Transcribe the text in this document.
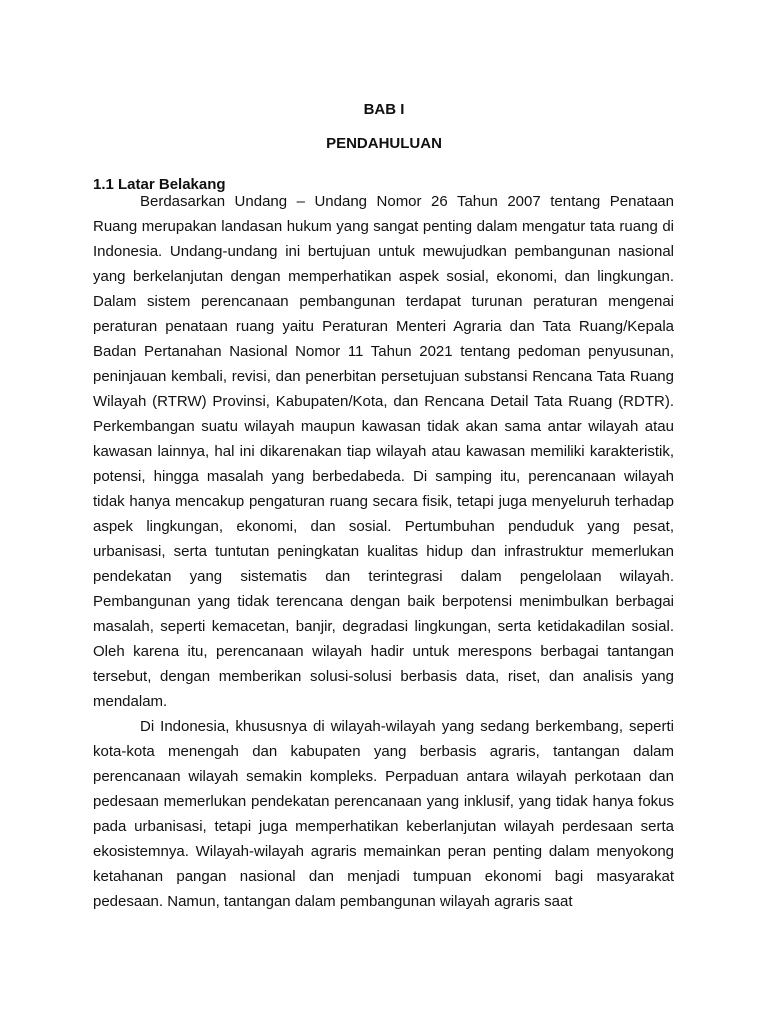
BAB I
PENDAHULUAN
1.1 Latar Belakang

Berdasarkan Undang – Undang Nomor 26 Tahun 2007 tentang Penataan Ruang merupakan landasan hukum yang sangat penting dalam mengatur tata ruang di Indonesia. Undang-undang ini bertujuan untuk mewujudkan pembangunan nasional yang berkelanjutan dengan memperhatikan aspek sosial, ekonomi, dan lingkungan. Dalam sistem perencanaan pembangunan terdapat turunan peraturan mengenai peraturan penataan ruang yaitu Peraturan Menteri Agraria dan Tata Ruang/Kepala Badan Pertanahan Nasional Nomor 11 Tahun 2021 tentang pedoman penyusunan, peninjauan kembali, revisi, dan penerbitan persetujuan substansi Rencana Tata Ruang Wilayah (RTRW) Provinsi, Kabupaten/Kota, dan Rencana Detail Tata Ruang (RDTR). Perkembangan suatu wilayah maupun kawasan tidak akan sama antar wilayah atau kawasan lainnya, hal ini dikarenakan tiap wilayah atau kawasan memiliki karakteristik, potensi, hingga masalah yang berbedabeda. Di samping itu, perencanaan wilayah tidak hanya mencakup pengaturan ruang secara fisik, tetapi juga menyeluruh terhadap aspek lingkungan, ekonomi, dan sosial. Pertumbuhan penduduk yang pesat, urbanisasi, serta tuntutan peningkatan kualitas hidup dan infrastruktur memerlukan pendekatan yang sistematis dan terintegrasi dalam pengelolaan wilayah. Pembangunan yang tidak terencana dengan baik berpotensi menimbulkan berbagai masalah, seperti kemacetan, banjir, degradasi lingkungan, serta ketidakadilan sosial. Oleh karena itu, perencanaan wilayah hadir untuk merespons berbagai tantangan tersebut, dengan memberikan solusi-solusi berbasis data, riset, dan analisis yang mendalam.

Di Indonesia, khususnya di wilayah-wilayah yang sedang berkembang, seperti kota-kota menengah dan kabupaten yang berbasis agraris, tantangan dalam perencanaan wilayah semakin kompleks. Perpaduan antara wilayah perkotaan dan pedesaan memerlukan pendekatan perencanaan yang inklusif, yang tidak hanya fokus pada urbanisasi, tetapi juga memperhatikan keberlanjutan wilayah perdesaan serta ekosistemnya. Wilayah-wilayah agraris memainkan peran penting dalam menyokong ketahanan pangan nasional dan menjadi tumpuan ekonomi bagi masyarakat pedesaan. Namun, tantangan dalam pembangunan wilayah agraris saat
